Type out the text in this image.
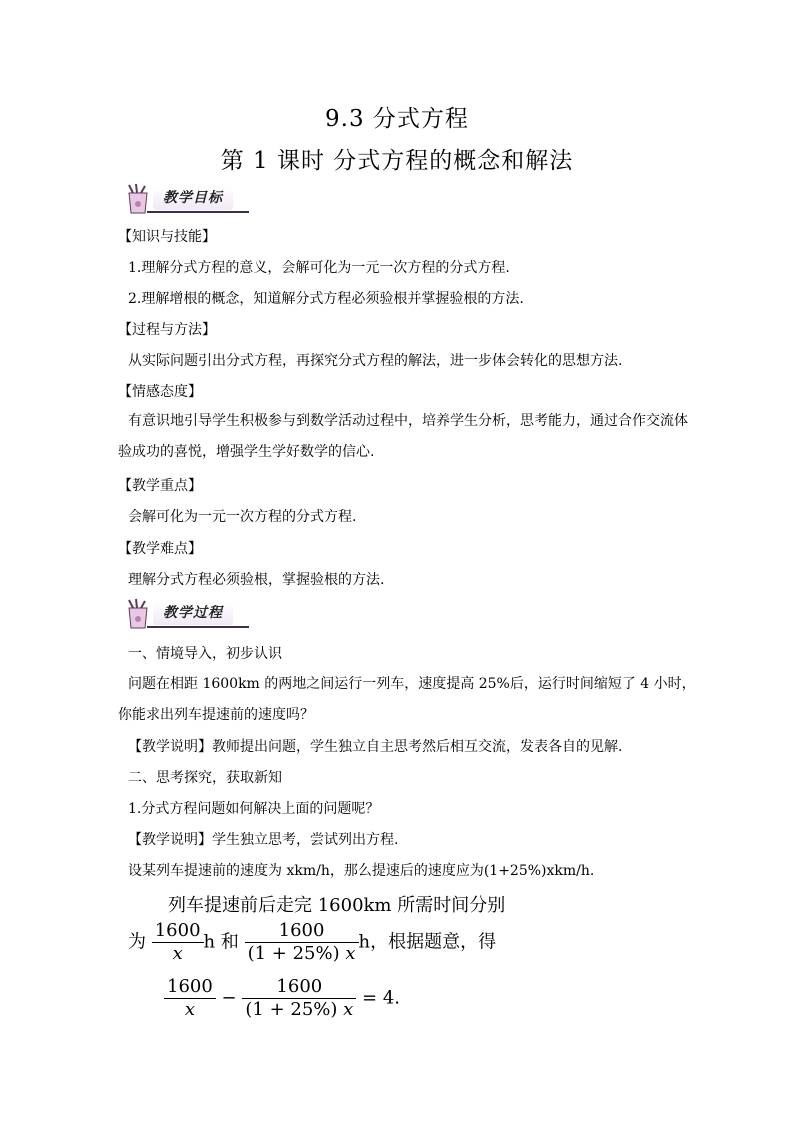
9.3 分式方程
第 1 课时 分式方程的概念和解法
教学目标
【知识与技能】
1.理解分式方程的意义，会解可化为一元一次方程的分式方程.
2.理解增根的概念，知道解分式方程必须验根并掌握验根的方法.
【过程与方法】
从实际问题引出分式方程，再探究分式方程的解法，进一步体会转化的思想方法.
【情感态度】
有意识地引导学生积极参与到数学活动过程中，培养学生分析，思考能力，通过合作交流体验成功的喜悦，增强学生学好数学的信心.
【教学重点】
会解可化为一元一次方程的分式方程.
【教学难点】
理解分式方程必须验根，掌握验根的方法.
教学过程
一、情境导入，初步认识
问题在相距 1600km 的两地之间运行一列车，速度提高 25%后，运行时间缩短了 4 小时，你能求出列车提速前的速度吗？
【教学说明】教师提出问题，学生独立自主思考然后相互交流，发表各自的见解.
二、思考探究，获取新知
1.分式方程问题如何解决上面的问题呢？
【教学说明】学生独立思考，尝试列出方程.
设某列车提速前的速度为 xkm/h，那么提速后的速度应为(1+25%)xkm/h.
列车提速前后走完 1600km 所需时间分别
为 $\frac{1600}{x}$ h 和 $\frac{1600}{(1 + 25\%) x}$ h，根据题意，得
$\frac{1600}{x} - \frac{1600}{(1 + 25\%) x} = 4$.
